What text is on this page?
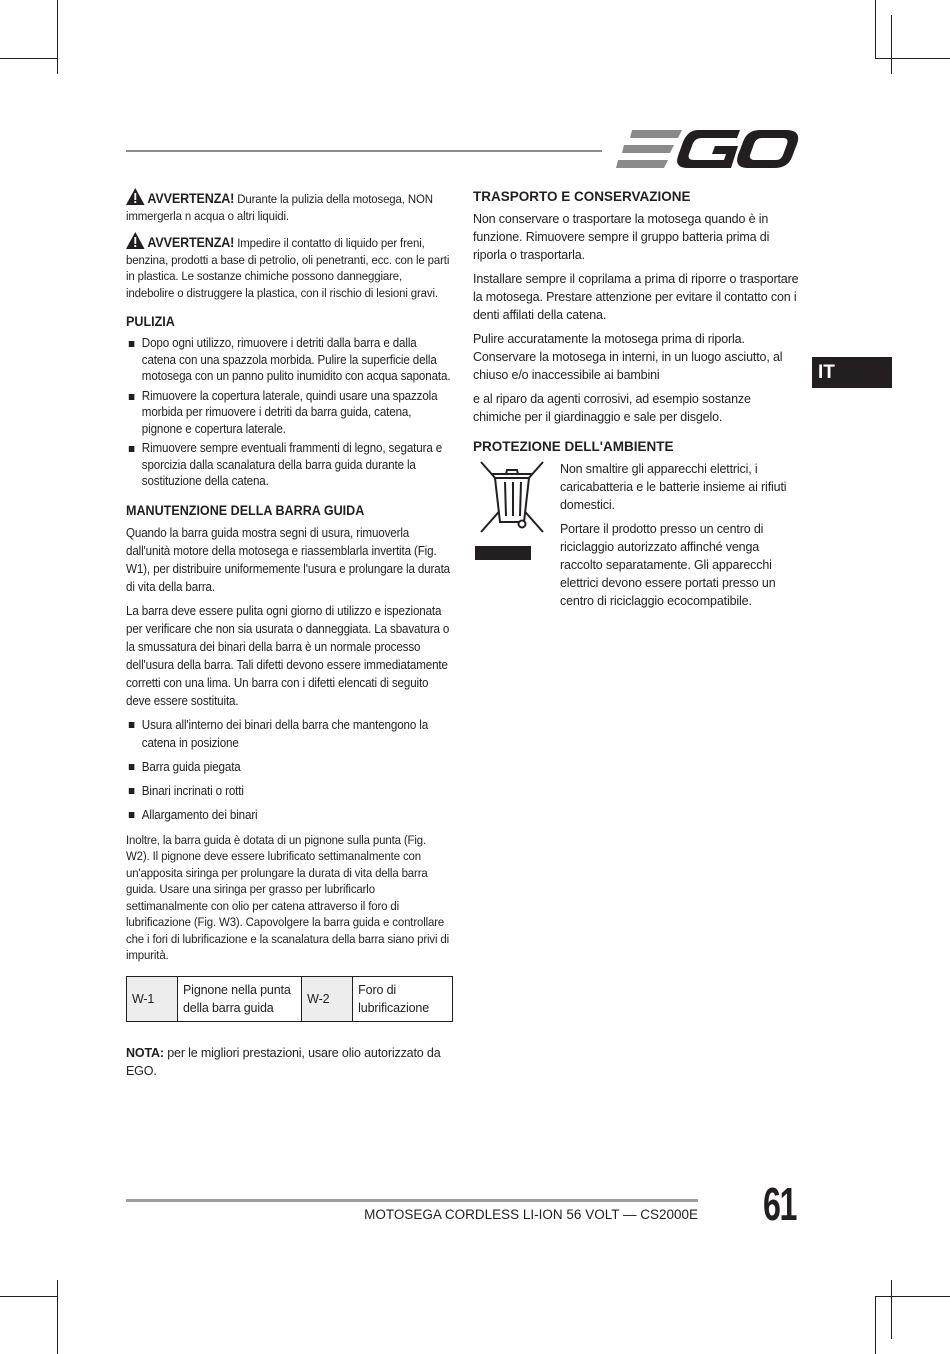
AVVERTENZA! Durante la pulizia della motosega, NON immergerla n acqua o altri liquidi.

AVVERTENZA! Impedire il contatto di liquido per freni, benzina, prodotti a base di petrolio, oli penetranti, ecc. con le parti in plastica. Le sostanze chimiche possono danneggiare, indebolire o distruggere la plastica, con il rischio di lesioni gravi.

PULIZIA
Dopo ogni utilizzo, rimuovere i detriti dalla barra e dalla catena con una spazzola morbida. Pulire la superficie della motosega con un panno pulito inumidito con acqua saponata.
Rimuovere la copertura laterale, quindi usare una spazzola morbida per rimuovere i detriti da barra guida, catena, pignone e copertura laterale.
Rimuovere sempre eventuali frammenti di legno, segatura e sporcizia dalla scanalatura della barra guida durante la sostituzione della catena.
MANUTENZIONE DELLA BARRA GUIDA

Quando la barra guida mostra segni di usura, rimuoverla dall'unità motore della motosega e riassemblarla invertita (Fig. W1), per distribuire uniformemente l'usura e prolungare la durata di vita della barra.

La barra deve essere pulita ogni giorno di utilizzo e ispezionata per verificare che non sia usurata o danneggiata. La sbavatura o la smussatura dei binari della barra è un normale processo dell'usura della barra. Tali difetti devono essere immediatamente corretti con una lima. Un barra con i difetti elencati di seguito deve essere sostituita.

Usura all'interno dei binari della barra che mantengono la catena in posizione
Barra guida piegata
Binari incrinati o rotti
Allargamento dei binari

Inoltre, la barra guida è dotata di un pignone sulla punta (Fig. W2). Il pignone deve essere lubrificato settimanalmente con un'apposita siringa per prolungare la durata di vita della barra guida. Usare una siringa per grasso per lubrificarlo settimanalmente con olio per catena attraverso il foro di lubrificazione (Fig. W3). Capovolgere la barra guida e controllare che i fori di lubrificazione e la scanalatura della barra siano privi di impurità.

W-1	Pignone nella punta della barra guida	W-2	Foro di lubrificazione

NOTA: per le migliori prestazioni, usare olio autorizzato da EGO.

TRASPORTO E CONSERVAZIONE

Non conservare o trasportare la motosega quando è in funzione. Rimuovere sempre il gruppo batteria prima di riporla o trasportarla.

Installare sempre il coprilama a prima di riporre o trasportare la motosega. Prestare attenzione per evitare il contatto con i denti affilati della catena.

Pulire accuratamente la motosega prima di riporla. Conservare la motosega in interni, in un luogo asciutto, al chiuso e/o inaccessibile ai bambini

e al riparo da agenti corrosivi, ad esempio sostanze chimiche per il giardinaggio e sale per disgelo.

PROTEZIONE DELL'AMBIENTE

Non smaltire gli apparecchi elettrici, i caricabatteria e le batterie insieme ai rifiuti domestici.

Portare il prodotto presso un centro di riciclaggio autorizzato affinché venga raccolto separatamente. Gli apparecchi elettrici devono essere portati presso un centro di riciclaggio ecocompatibile.

IT
MOTOSEGA CORDLESS LI-ION 56 VOLT — CS2000E 61
